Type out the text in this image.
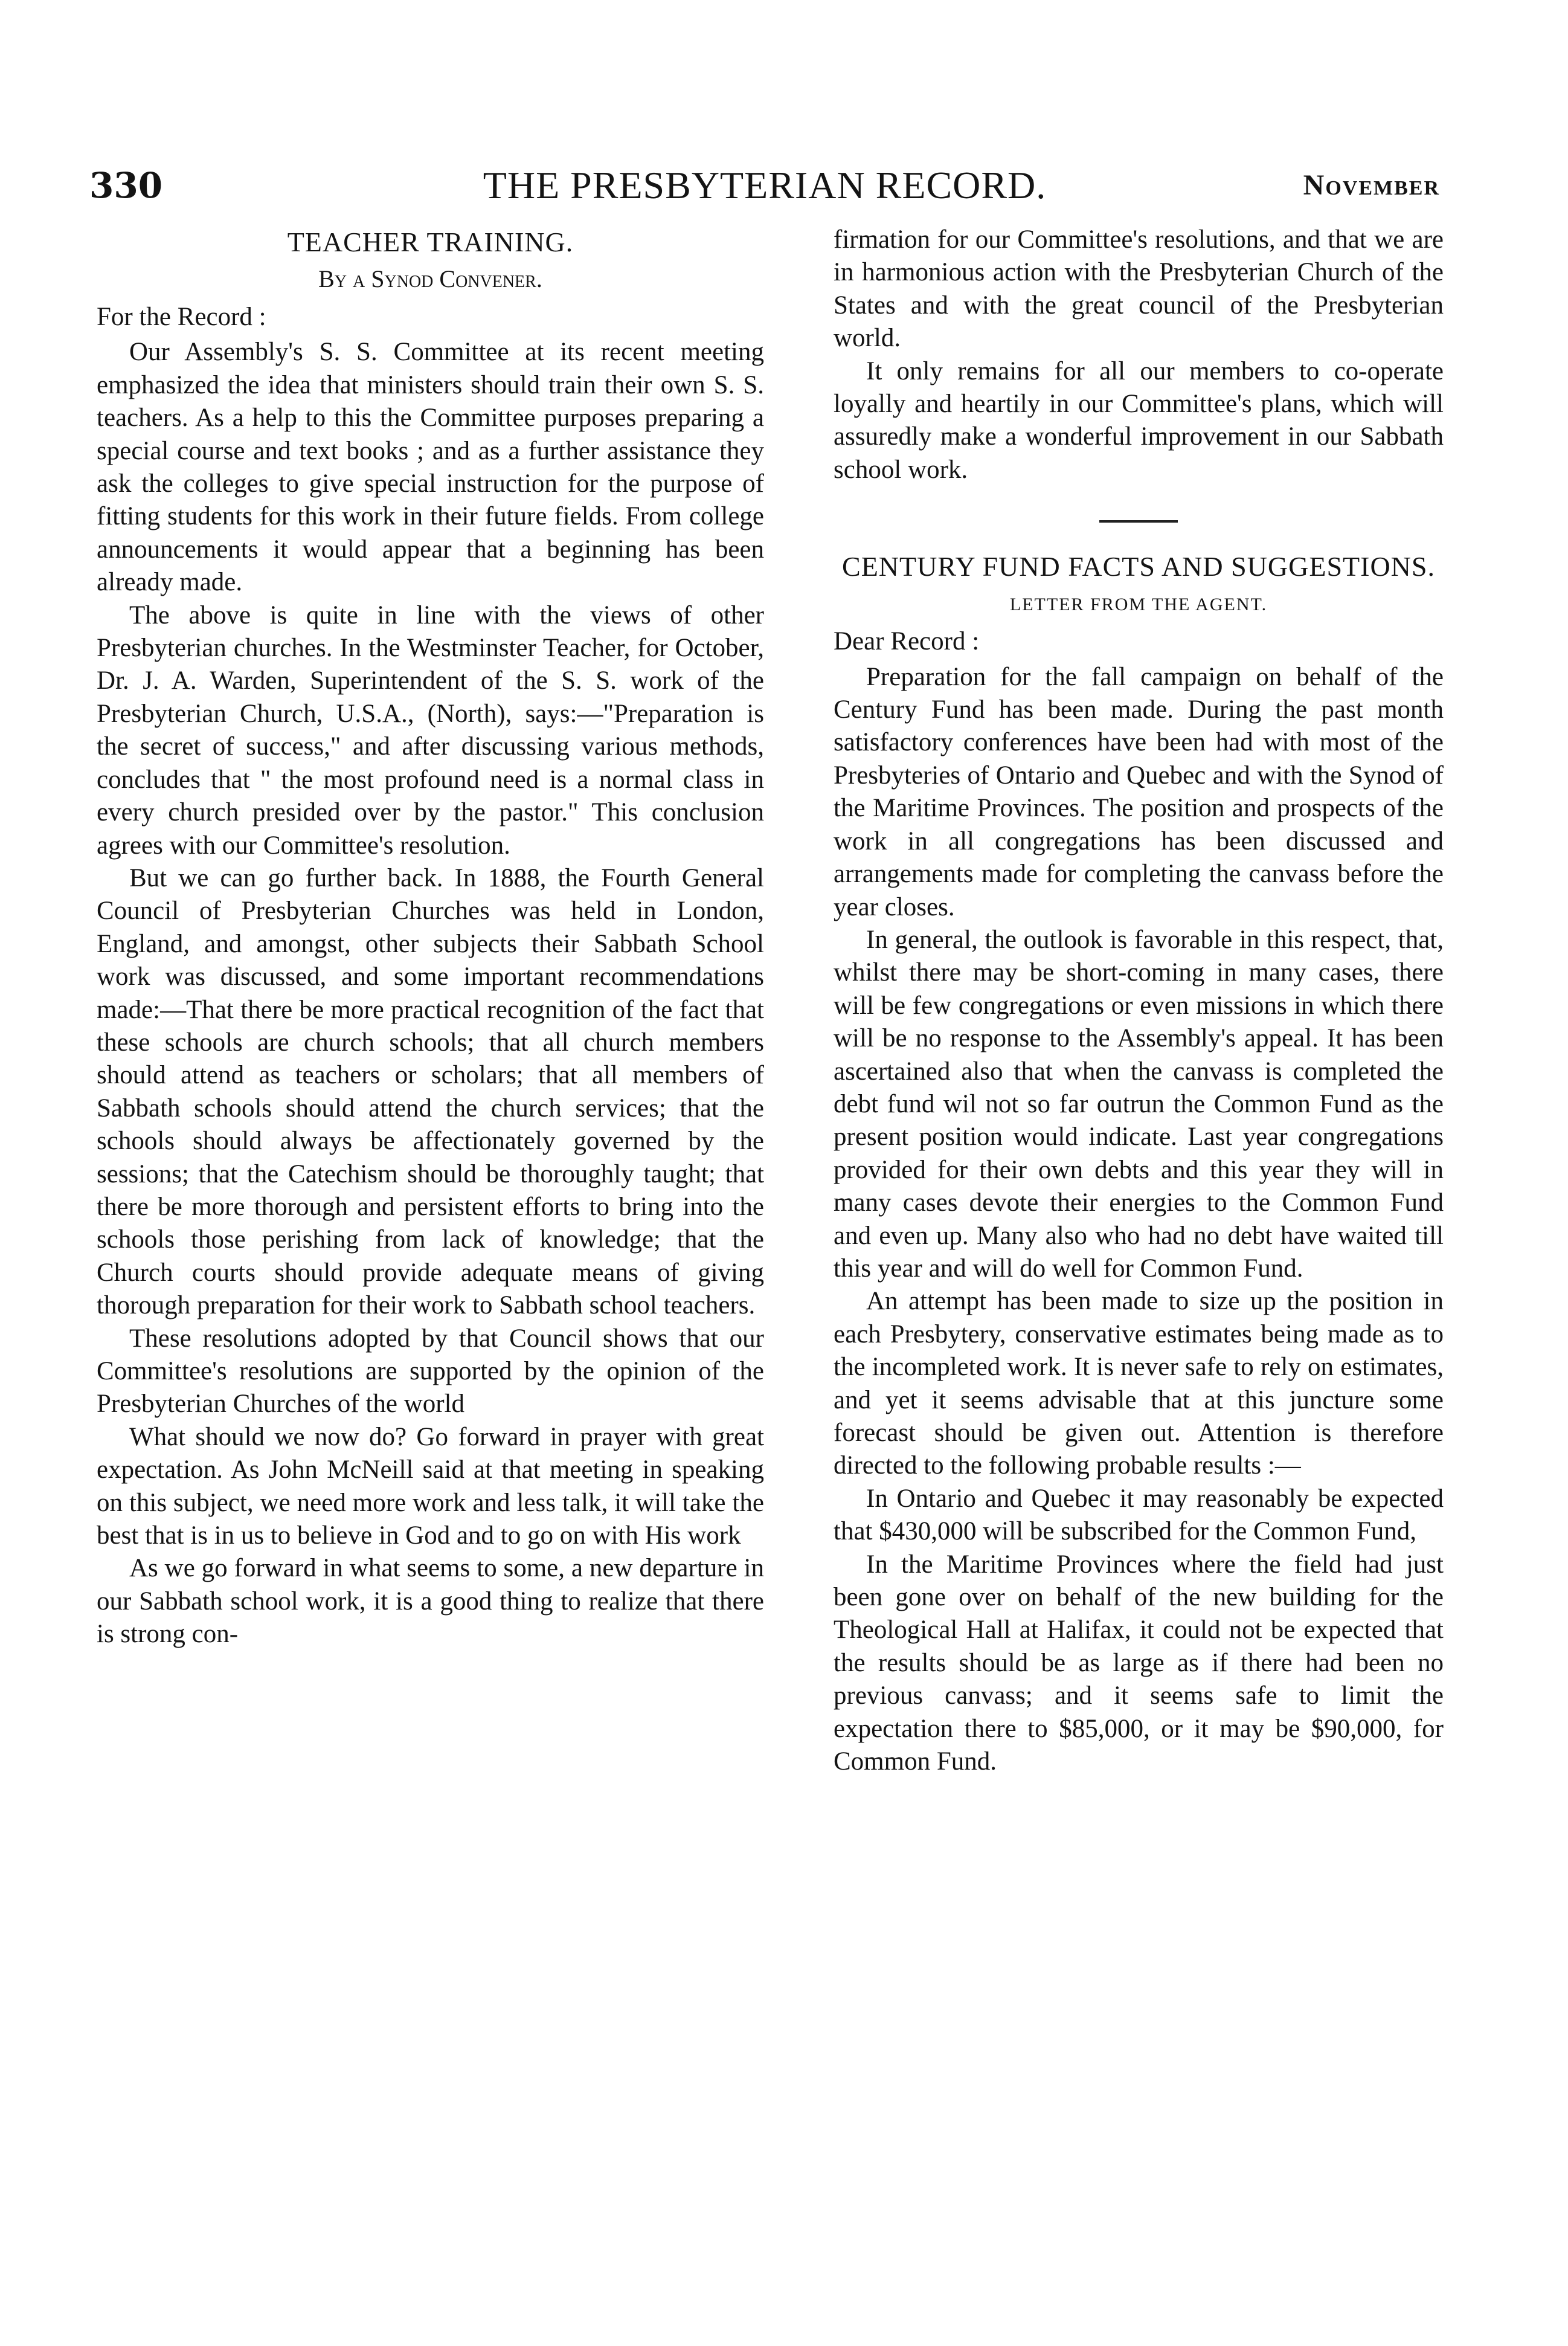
330	THE PRESBYTERIAN RECORD.	November
TEACHER TRAINING.
By a Synod Convener.

For the Record :

Our Assembly's S. S. Committee at its recent meeting emphasized the idea that ministers should train their own S. S. teachers. As a help to this the Committee purposes preparing a special course and text books ; and as a further assistance they ask the colleges to give special instruction for the purpose of fitting students for this work in their future fields. From college announcements it would appear that a beginning has been already made.

The above is quite in line with the views of other Presbyterian churches. In the Westminster Teacher, for October, Dr. J. A. Warden, Superintendent of the S. S. work of the Presbyterian Church, U.S.A., (North), says:—"Preparation is the secret of success," and after discussing various methods, concludes that " the most profound need is a normal class in every church presided over by the pastor." This conclusion agrees with our Committee's resolution.

But we can go further back. In 1888, the Fourth General Council of Presbyterian Churches was held in London, England, and amongst, other subjects their Sabbath School work was discussed, and some important recommendations made:—That there be more practical recognition of the fact that these schools are church schools; that all church members should attend as teachers or scholars; that all members of Sabbath schools should attend the church services; that the schools should always be affectionately governed by the sessions; that the Catechism should be thoroughly taught; that there be more thorough and persistent efforts to bring into the schools those perishing from lack of knowledge; that the Church courts should provide adequate means of giving thorough preparation for their work to Sabbath school teachers.

These resolutions adopted by that Council shows that our Committee's resolutions are supported by the opinion of the Presbyterian Churches of the world

What should we now do? Go forward in prayer with great expectation. As John McNeill said at that meeting in speaking on this subject, we need more work and less talk, it will take the best that is in us to believe in God and to go on with His work

As we go forward in what seems to some, a new departure in our Sabbath school work, it is a good thing to realize that there is strong con-

firmation for our Committee's resolutions, and that we are in harmonious action with the Presbyterian Church of the States and with the great council of the Presbyterian world.

It only remains for all our members to co-operate loyally and heartily in our Committee's plans, which will assuredly make a wonderful improvement in our Sabbath school work.

CENTURY FUND FACTS AND SUGGESTIONS.
LETTER FROM THE AGENT.

Dear Record :

Preparation for the fall campaign on behalf of the Century Fund has been made. During the past month satisfactory conferences have been had with most of the Presbyteries of Ontario and Quebec and with the Synod of the Maritime Provinces. The position and prospects of the work in all congregations has been discussed and arrangements made for completing the canvass before the year closes.

In general, the outlook is favorable in this respect, that, whilst there may be short-coming in many cases, there will be few congregations or even missions in which there will be no response to the Assembly's appeal. It has been ascertained also that when the canvass is completed the debt fund wil not so far outrun the Common Fund as the present position would indicate. Last year congregations provided for their own debts and this year they will in many cases devote their energies to the Common Fund and even up. Many also who had no debt have waited till this year and will do well for Common Fund.

An attempt has been made to size up the position in each Presbytery, conservative estimates being made as to the incompleted work. It is never safe to rely on estimates, and yet it seems advisable that at this juncture some forecast should be given out. Attention is therefore directed to the following probable results :—

In Ontario and Quebec it may reasonably be expected that $430,000 will be subscribed for the Common Fund,

In the Maritime Provinces where the field had just been gone over on behalf of the new building for the Theological Hall at Halifax, it could not be expected that the results should be as large as if there had been no previous canvass; and it seems safe to limit the expectation there to $85,000, or it may be $90,000, for Common Fund.
